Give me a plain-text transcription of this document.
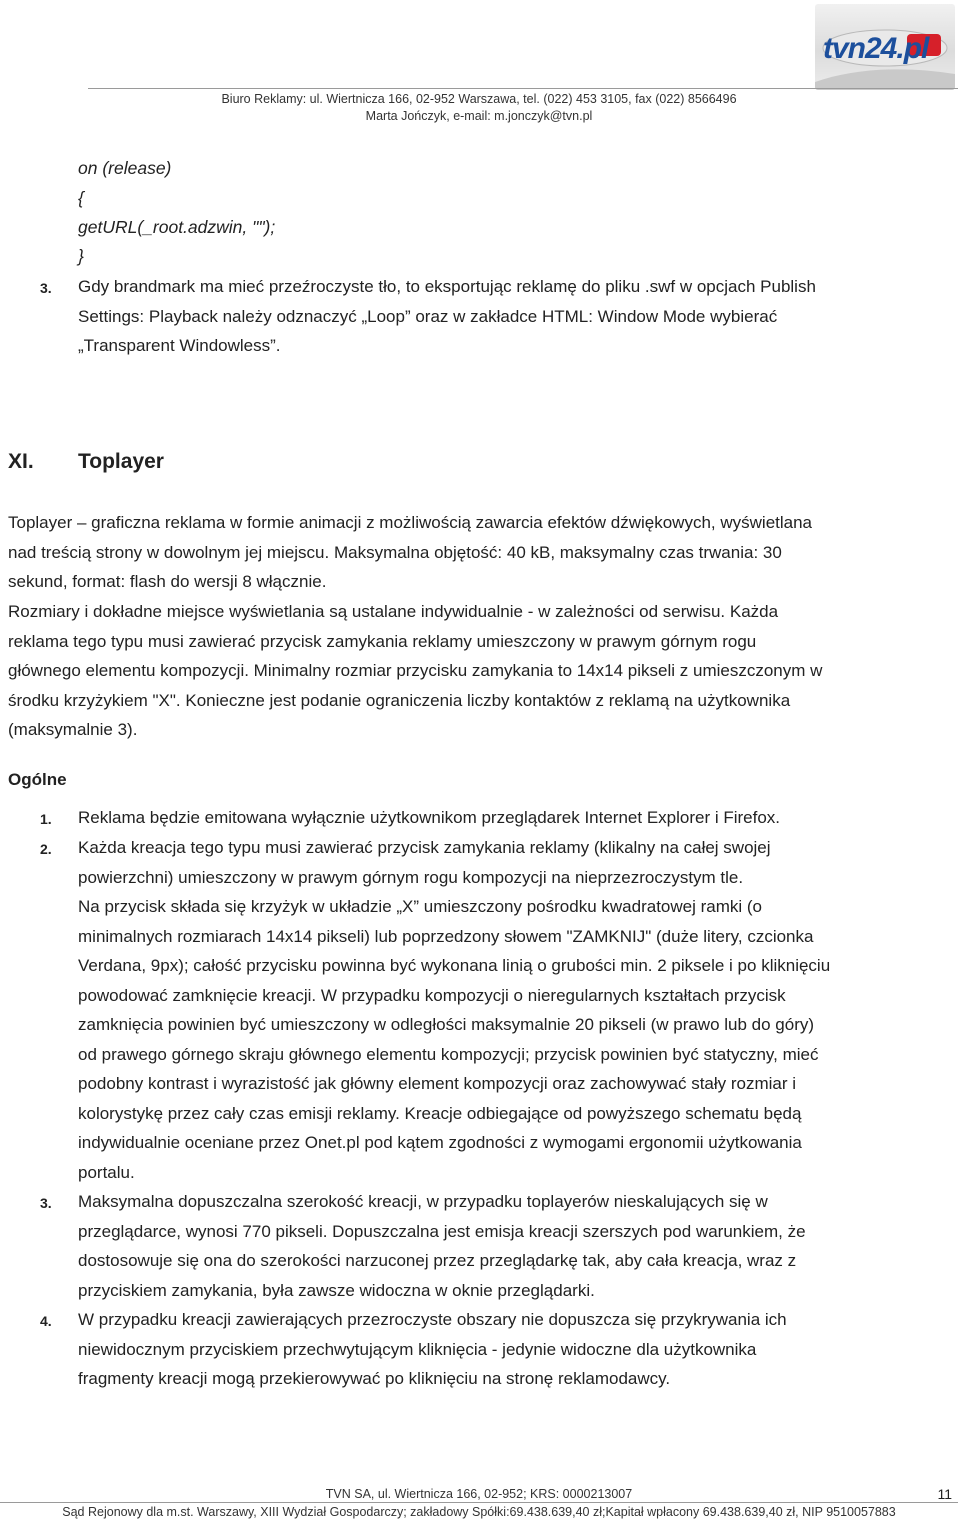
tvn24.pl
Biuro Reklamy: ul. Wiertnicza 166, 02-952 Warszawa, tel. (022) 453 3105, fax (022) 8566496
Marta Jończyk, e-mail: m.jonczyk@tvn.pl
on (release)
{
getURL(_root.adzwin, "");
}
3. Gdy brandmark ma mieć przeźroczyste tło, to eksportując reklamę do pliku .swf w opcjach Publish
Settings: Playback należy odznaczyć „Loop” oraz w zakładce HTML: Window Mode wybierać
„Transparent Windowless”.
XI. Toplayer
Toplayer – graficzna reklama w formie animacji z możliwością zawarcia efektów dźwiękowych, wyświetlana
nad treścią strony w dowolnym jej miejscu. Maksymalna objętość: 40 kB, maksymalny czas trwania: 30
sekund, format: flash do wersji 8 włącznie.
Rozmiary i dokładne miejsce wyświetlania są ustalane indywidualnie - w zależności od serwisu. Każda
reklama tego typu musi zawierać przycisk zamykania reklamy umieszczony w prawym górnym rogu
głównego elementu kompozycji. Minimalny rozmiar przycisku zamykania to 14x14 pikseli z umieszczonym w
środku krzyżykiem "X". Konieczne jest podanie ograniczenia liczby kontaktów z reklamą na użytkownika
(maksymalnie 3).
Ogólne
1. Reklama będzie emitowana wyłącznie użytkownikom przeglądarek Internet Explorer i Firefox.
2. Każda kreacja tego typu musi zawierać przycisk zamykania reklamy (klikalny na całej swojej
powierzchni) umieszczony w prawym górnym rogu kompozycji na nieprzezroczystym tle.
Na przycisk składa się krzyżyk w układzie „X” umieszczony pośrodku kwadratowej ramki (o
minimalnych rozmiarach 14x14 pikseli) lub poprzedzony słowem "ZAMKNIJ" (duże litery, czcionka
Verdana, 9px); całość przycisku powinna być wykonana linią o grubości min. 2 piksele i po kliknięciu
powodować zamknięcie kreacji. W przypadku kompozycji o nieregularnych kształtach przycisk
zamknięcia powinien być umieszczony w odległości maksymalnie 20 pikseli (w prawo lub do góry)
od prawego górnego skraju głównego elementu kompozycji; przycisk powinien być statyczny, mieć
podobny kontrast i wyrazistość jak główny element kompozycji oraz zachowywać stały rozmiar i
kolorystykę przez cały czas emisji reklamy. Kreacje odbiegające od powyższego schematu będą
indywidualnie oceniane przez Onet.pl pod kątem zgodności z wymogami ergonomii użytkowania
portalu.
3. Maksymalna dopuszczalna szerokość kreacji, w przypadku toplayerów nieskalujących się w
przeglądarce, wynosi 770 pikseli. Dopuszczalna jest emisja kreacji szerszych pod warunkiem, że
dostosowuje się ona do szerokości narzuconej przez przeglądarkę tak, aby cała kreacja, wraz z
przyciskiem zamykania, była zawsze widoczna w oknie przeglądarki.
4. W przypadku kreacji zawierających przezroczyste obszary nie dopuszcza się przykrywania ich
niewidocznym przyciskiem przechwytującym kliknięcia - jedynie widoczne dla użytkownika
fragmenty kreacji mogą przekierowywać po kliknięciu na stronę reklamodawcy.
TVN SA, ul. Wiertnicza 166, 02-952; KRS: 0000213007
Sąd Rejonowy dla m.st. Warszawy, XIII Wydział Gospodarczy; zakładowy Spółki:69.438.639,40 zł;Kapitał wpłacony 69.438.639,40 zł, NIP 9510057883
11
